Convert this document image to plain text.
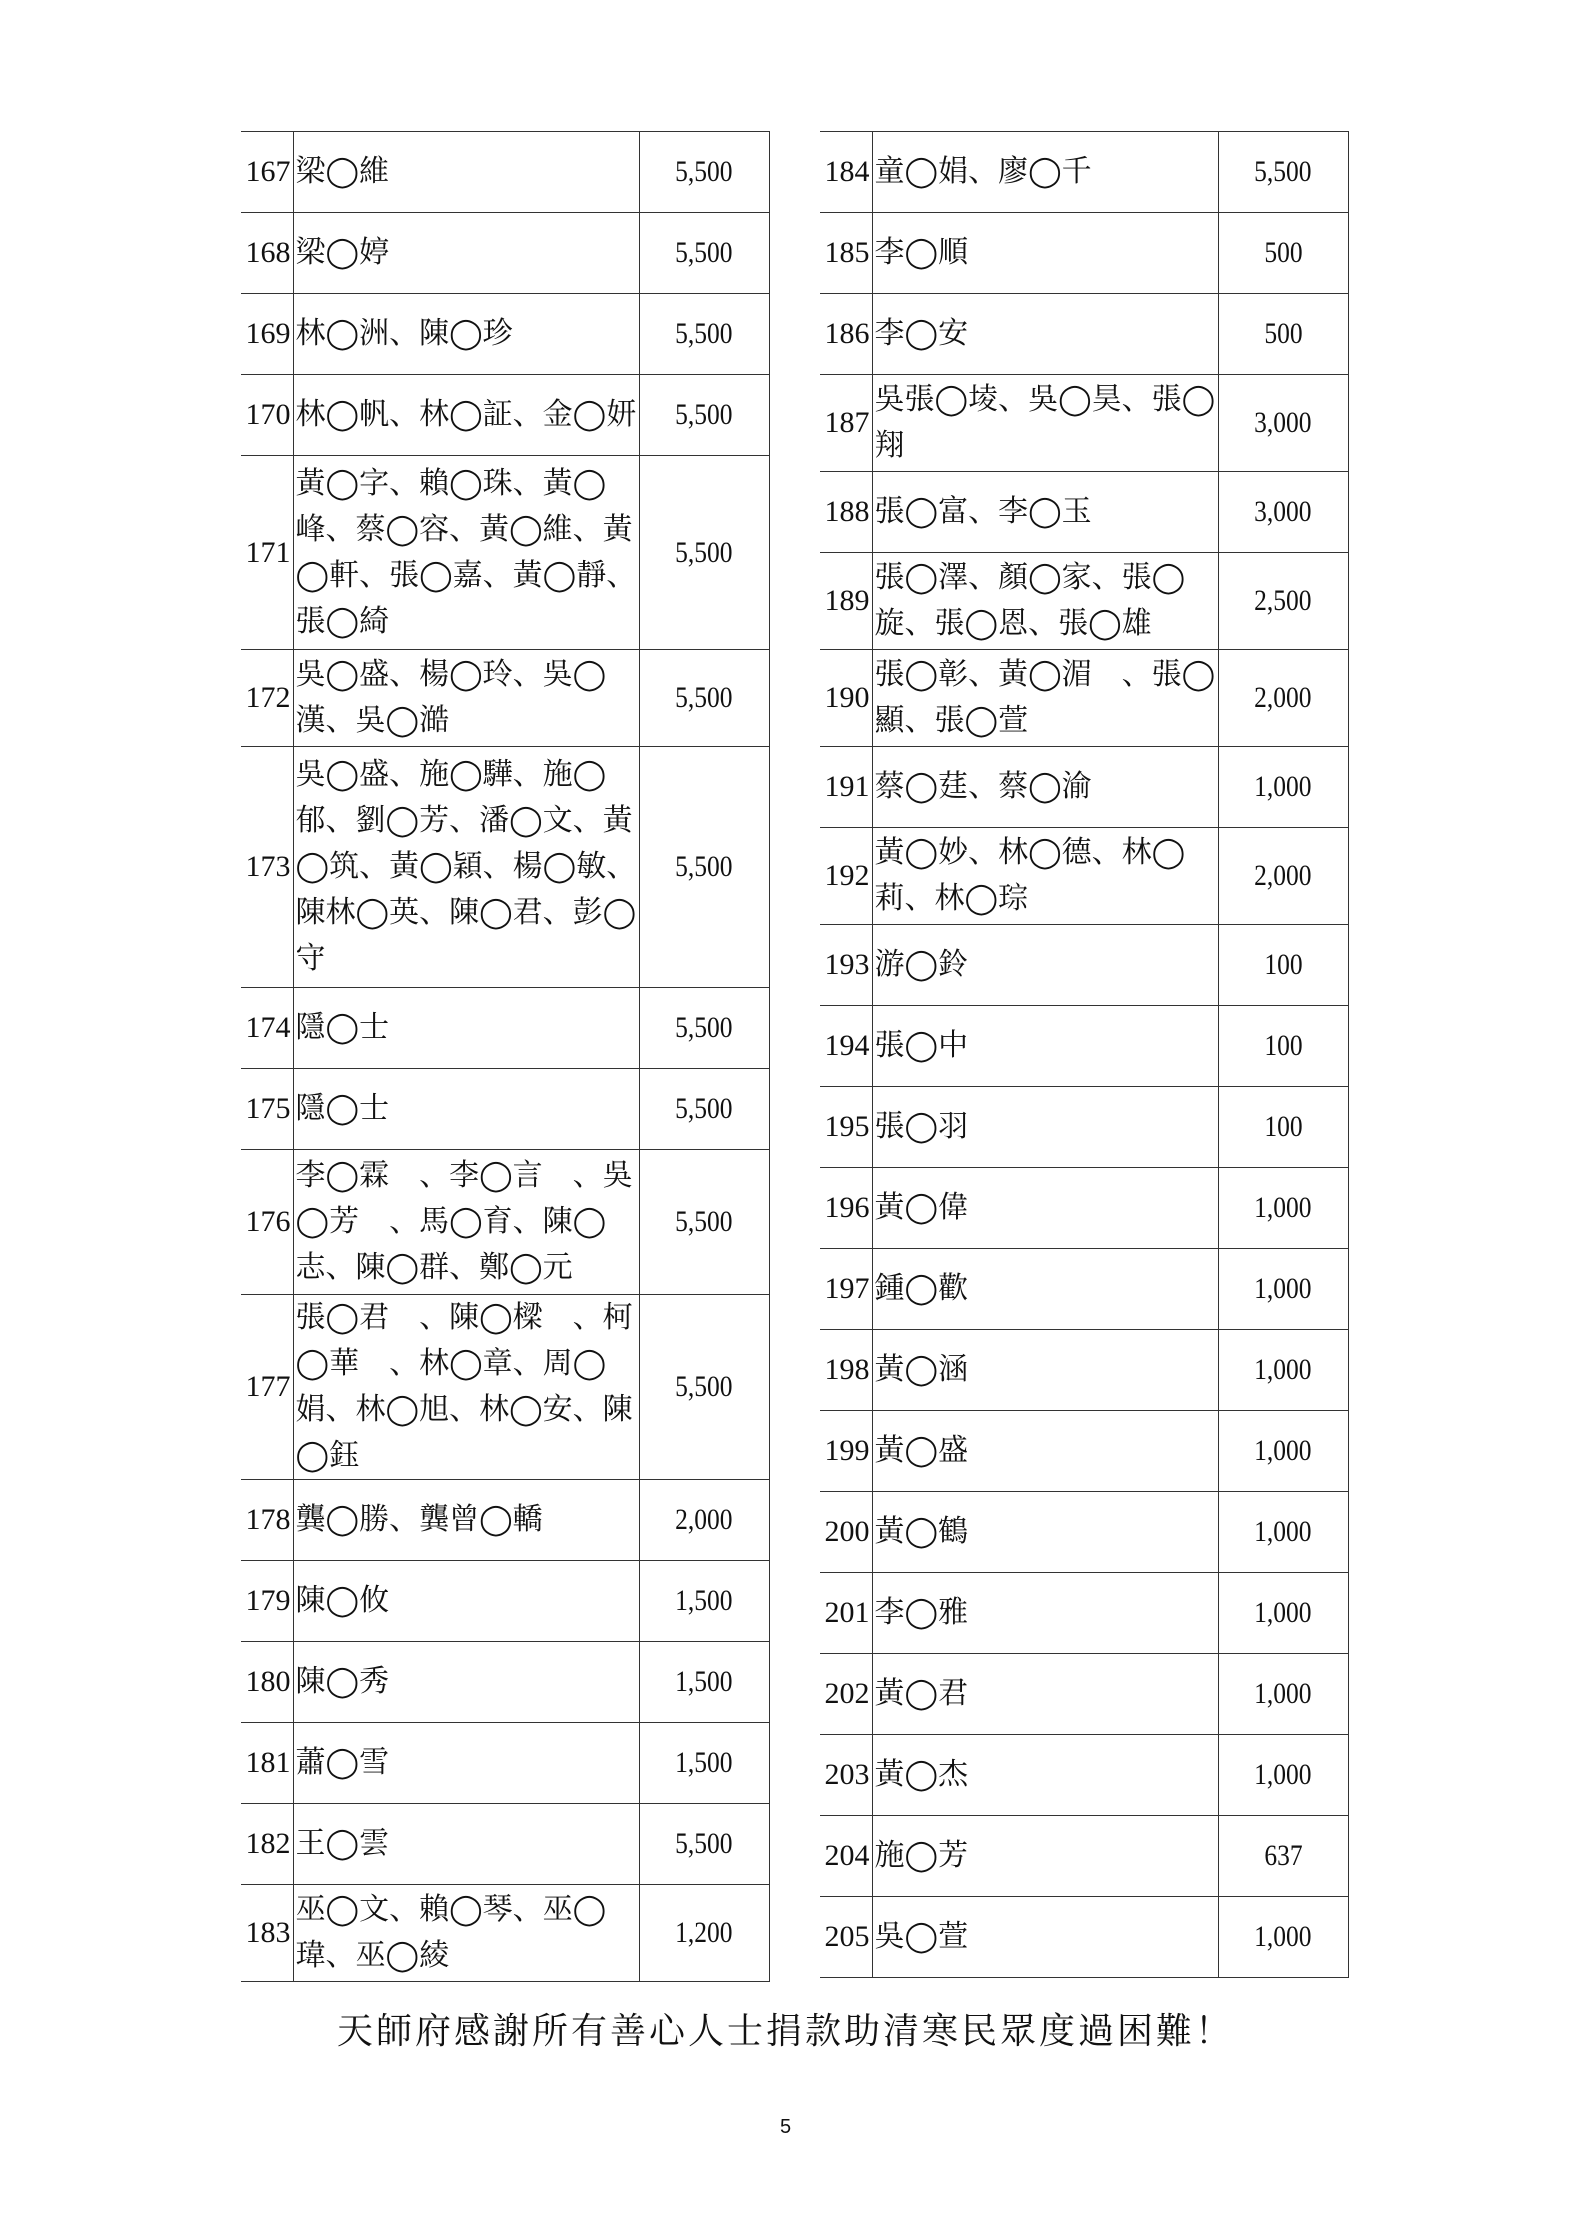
167	梁◯維	5,500
168	梁◯婷	5,500
169	林◯洲、陳◯珍	5,500
170	林◯帆、林◯証、金◯妍	5,500
171	黃◯字、賴◯珠、黃◯峰、蔡◯容、黃◯維、黃◯軒、張◯嘉、黃◯靜、張◯綺	5,500
172	吳◯盛、楊◯玲、吳◯漢、吳◯澔	5,500
173	吳◯盛、施◯驊、施◯郁、劉◯芳、潘◯文、黃◯筑、黃◯穎、楊◯敏、陳林◯英、陳◯君、彭◯守	5,500
174	隱◯士	5,500
175	隱◯士	5,500
176	李◯霖　、李◯言　、吳◯芳　、馬◯育、陳◯志、陳◯群、鄭◯元	5,500
177	張◯君　、陳◯樑　、柯◯華　、林◯章、周◯娟、林◯旭、林◯安、陳◯鈺	5,500
178	龔◯勝、龔曾◯轎	2,000
179	陳◯攸	1,500
180	陳◯秀	1,500
181	蕭◯雪	1,500
182	王◯雲	5,500
183	巫◯文、賴◯琴、巫◯瑋、巫◯綾	1,200
184	童◯娟、廖◯千	5,500
185	李◯順	500
186	李◯安	500
187	吳張◯堎、吳◯昊、張◯翔	3,000
188	張◯富、李◯玉	3,000
189	張◯澤、顏◯家、張◯旋、張◯恩、張◯雄	2,500
190	張◯彰、黃◯湄　、張◯顯、張◯萱	2,000
191	蔡◯莛、蔡◯渝	1,000
192	黃◯妙、林◯德、林◯莉、林◯琮	2,000
193	游◯鈴	100
194	張◯中	100
195	張◯羽	100
196	黃◯偉	1,000
197	鍾◯歡	1,000
198	黃◯涵	1,000
199	黃◯盛	1,000
200	黃◯鶴	1,000
201	李◯雅	1,000
202	黃◯君	1,000
203	黃◯杰	1,000
204	施◯芳	637
205	吳◯萱	1,000
天師府感謝所有善心人士捐款助清寒民眾度過困難！
5
